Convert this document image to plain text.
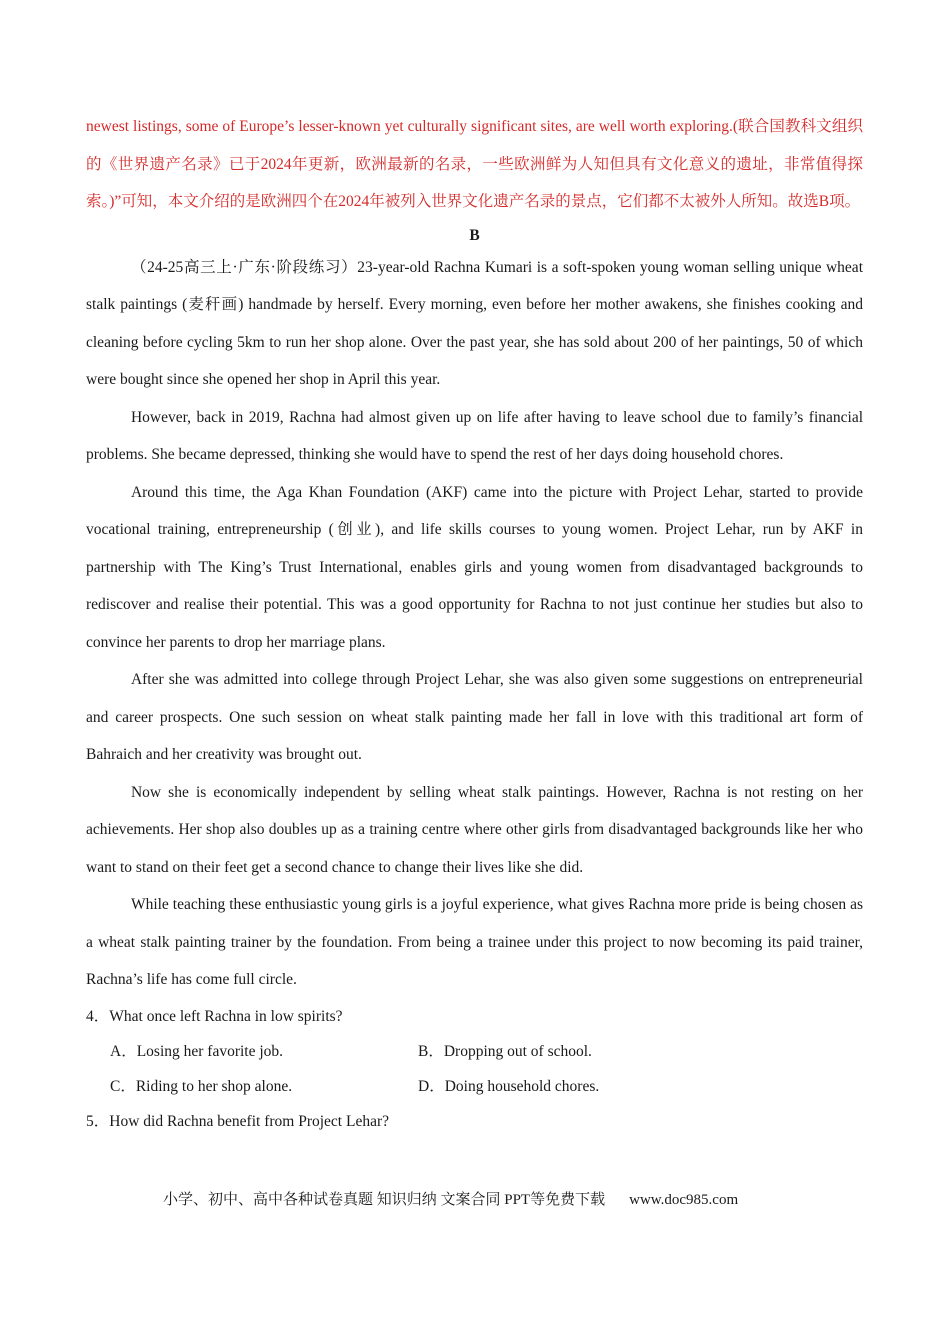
newest listings, some of Europe’s lesser-known yet culturally significant sites, are well worth exploring.(联合国教科文组织的《世界遗产名录》已于2024年更新，欧洲最新的名录，一些欧洲鲜为人知但具有文化意义的遗址，非常值得探索。)”可知，本文介绍的是欧洲四个在2024年被列入世界文化遗产名录的景点，它们都不太被外人所知。故选B项。

B

（24-25高三上·广东·阶段练习）23-year-old Rachna Kumari is a soft-spoken young woman selling unique wheat stalk paintings (麦秆画) handmade by herself. Every morning, even before her mother awakens, she finishes cooking and cleaning before cycling 5km to run her shop alone. Over the past year, she has sold about 200 of her paintings, 50 of which were bought since she opened her shop in April this year.

However, back in 2019, Rachna had almost given up on life after having to leave school due to family’s financial problems. She became depressed, thinking she would have to spend the rest of her days doing household chores.

Around this time, the Aga Khan Foundation (AKF) came into the picture with Project Lehar, started to provide vocational training, entrepreneurship (创业), and life skills courses to young women. Project Lehar, run by AKF in partnership with The King’s Trust International, enables girls and young women from disadvantaged backgrounds to rediscover and realise their potential. This was a good opportunity for Rachna to not just continue her studies but also to convince her parents to drop her marriage plans.

After she was admitted into college through Project Lehar, she was also given some suggestions on entrepreneurial and career prospects. One such session on wheat stalk painting made her fall in love with this traditional art form of Bahraich and her creativity was brought out.

Now she is economically independent by selling wheat stalk paintings. However, Rachna is not resting on her achievements. Her shop also doubles up as a training centre where other girls from disadvantaged backgrounds like her who want to stand on their feet get a second chance to change their lives like she did.

While teaching these enthusiastic young girls is a joyful experience, what gives Rachna more pride is being chosen as a wheat stalk painting trainer by the foundation. From being a trainee under this project to now becoming its paid trainer, Rachna’s life has come full circle.

4．What once left Rachna in low spirits?

A．Losing her favorite job.	B．Dropping out of school.
C．Riding to her shop alone.	D．Doing household chores.

5．How did Rachna benefit from Project Lehar?

小学、初中、高中各种试卷真题 知识归纳 文案合同 PPT等免费下载 www.doc985.com
